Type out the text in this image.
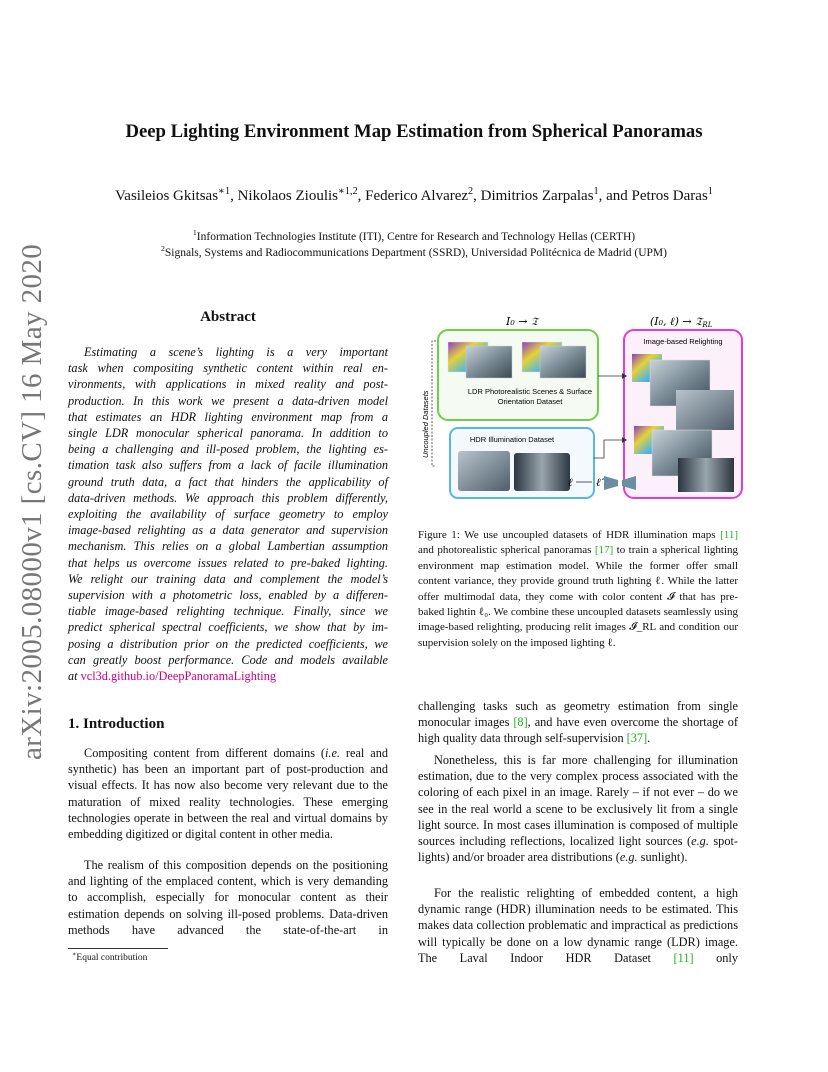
arXiv:2005.08000v1 [cs.CV] 16 May 2020
Deep Lighting Environment Map Estimation from Spherical Panoramas
Vasileios Gkitsas$^{∗1}$, Nikolaos Zioulis$^{∗1,2}$, Federico Alvarez$^2$, Dimitrios Zarpalas$^1$, and Petros Daras$^1$
$^1$Information Technologies Institute (ITI), Centre for Research and Technology Hellas (CERTH)
$^2$Signals, Systems and Radiocommunications Department (SSRD), Universidad Politécnica de Madrid (UPM)
Abstract
Estimating a scene’s lighting is a very important
task when compositing synthetic content within real en-
vironments, with applications in mixed reality and post-
production. In this work we present a data-driven model
that estimates an HDR lighting environment map from a
single LDR monocular spherical panorama. In addition to
being a challenging and ill-posed problem, the lighting es-
timation task also suffers from a lack of facile illumination
ground truth data, a fact that hinders the applicability of
data-driven methods. We approach this problem differently,
exploiting the availability of surface geometry to employ
image-based relighting as a data generator and supervision
mechanism. This relies on a global Lambertian assumption
that helps us overcome issues related to pre-baked lighting.
We relight our training data and complement the model’s
supervision with a photometric loss, enabled by a differen-
tiable image-based relighting technique. Finally, since we
predict spherical spectral coefficients, we show that by im-
posing a distribution prior on the predicted coefficients, we
can greatly boost performance. Code and models available
at vcl3d.github.io/DeepPanoramaLighting
1. Introduction
Compositing content from different domains (i.e. real and synthetic) has been an important part of post-production and visual effects. It has now also become very relevant due to the maturation of mixed reality technologies. These emerging technologies operate in between the real and virtual domains by embedding digitized or digital content in other media.
The realism of this composition depends on the positioning and lighting of the emplaced content, which is very demanding to accomplish, especially for monocular content as their estimation depends on solving ill-posed problems. Data-driven methods have advanced the state-of-the-art in
∗Equal contribution
I₀ → 𝔗	(I₀, ℓ) → 𝔗RL
Uncoupled Datasets	LDR Photorealistic Scenes & Surface
Orientation Dataset
HDR Illumination Dataset
Image-based Relighting
ℓ ℓ̂
Figure 1: We use uncoupled datasets of HDR illumination maps [11] and photorealistic spherical panoramas [17] to train a spherical lighting environment map estimation model. While the former offer small content variance, they provide ground truth lighting ℓ. While the latter offer multimodal data, they come with color content 𝓘 that has pre-baked lightin ℓ₀. We combine these uncoupled datasets seamlessly using image-based relighting, producing relit images 𝓘_RL and condition our supervision solely on the imposed lighting ℓ.
challenging tasks such as geometry estimation from single monocular images [8], and have even overcome the shortage of high quality data through self-supervision [37].
Nonetheless, this is far more challenging for illumination estimation, due to the very complex process associated with the coloring of each pixel in an image. Rarely – if not ever – do we see in the real world a scene to be exclusively lit from a single light source. In most cases illumination is composed of multiple sources including reflections, localized light sources (e.g. spot-lights) and/or broader area distributions (e.g. sunlight).
For the realistic relighting of embedded content, a high dynamic range (HDR) illumination needs to be estimated. This makes data collection problematic and impractical as predictions will typically be done on a low dynamic range (LDR) image. The Laval Indoor HDR Dataset [11] only
